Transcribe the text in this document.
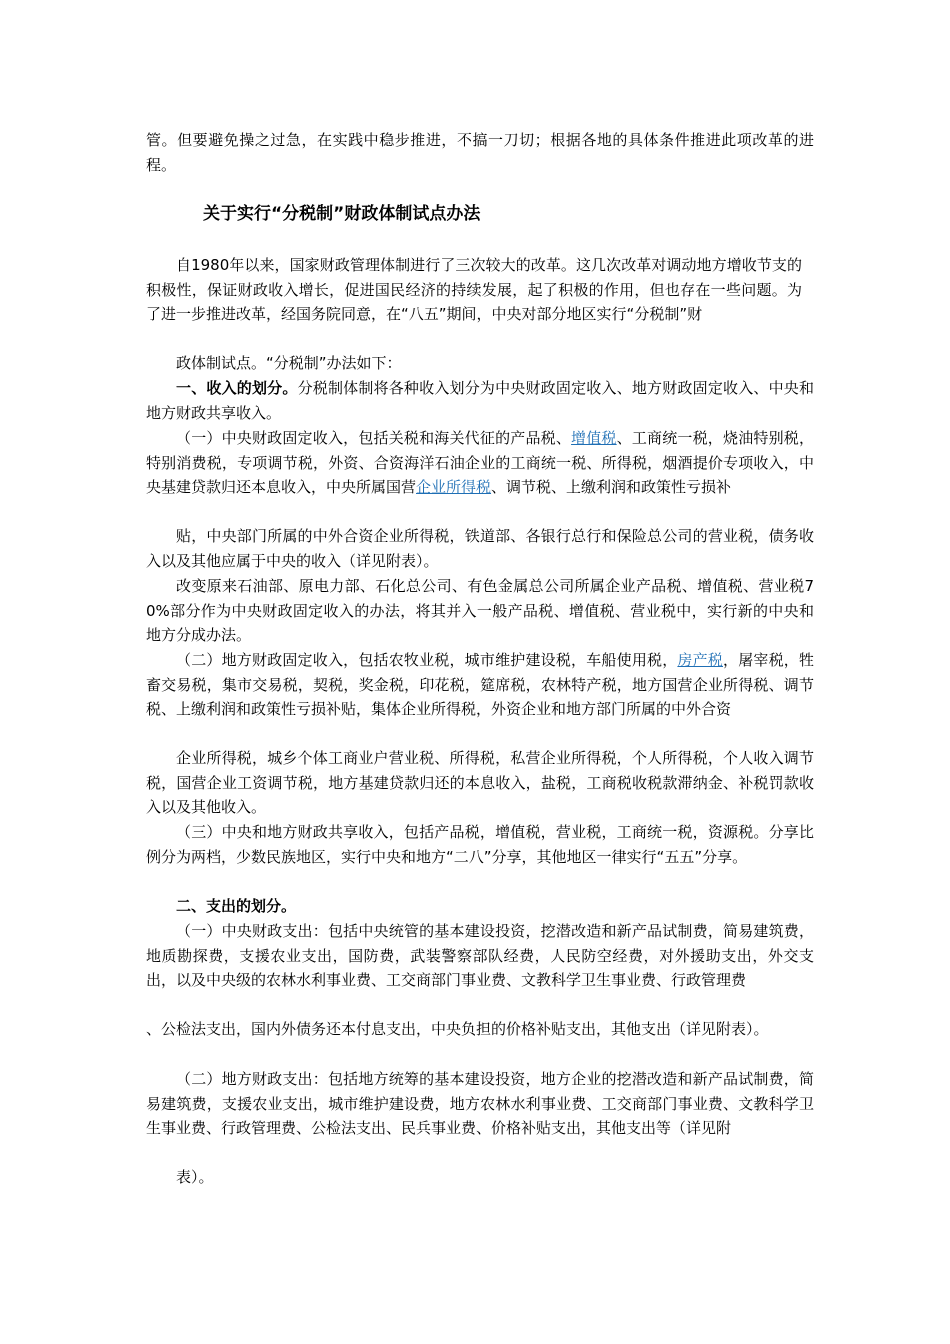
管。但要避免操之过急，在实践中稳步推进，不搞一刀切；根据各地的具体条件推进此项改革的进程。

关于实行“分税制”财政体制试点办法

自1980年以来，国家财政管理体制进行了三次较大的改革。这几次改革对调动地方增收节支的积极性，保证财政收入增长，促进国民经济的持续发展，起了积极的作用，但也存在一些问题。为了进一步推进改革，经国务院同意，在“八五”期间，中央对部分地区实行“分税制”财

政体制试点。“分税制”办法如下：

一、收入的划分。分税制体制将各种收入划分为中央财政固定收入、地方财政固定收入、中央和地方财政共享收入。

（一）中央财政固定收入，包括关税和海关代征的产品税、增值税、工商统一税，烧油特别税，特别消费税，专项调节税，外资、合资海洋石油企业的工商统一税、所得税，烟酒提价专项收入，中央基建贷款归还本息收入，中央所属国营企业所得税、调节税、上缴利润和政策性亏损补

贴，中央部门所属的中外合资企业所得税，铁道部、各银行总行和保险总公司的营业税，债务收入以及其他应属于中央的收入（详见附表）。

改变原来石油部、原电力部、石化总公司、有色金属总公司所属企业产品税、增值税、营业税70%部分作为中央财政固定收入的办法，将其并入一般产品税、增值税、营业税中，实行新的中央和地方分成办法。

（二）地方财政固定收入，包括农牧业税，城市维护建设税，车船使用税，房产税，屠宰税，牲畜交易税，集市交易税，契税，奖金税，印花税，筵席税，农林特产税，地方国营企业所得税、调节税、上缴利润和政策性亏损补贴，集体企业所得税，外资企业和地方部门所属的中外合资

企业所得税，城乡个体工商业户营业税、所得税，私营企业所得税，个人所得税，个人收入调节税，国营企业工资调节税，地方基建贷款归还的本息收入，盐税，工商税收税款滞纳金、补税罚款收入以及其他收入。

（三）中央和地方财政共享收入，包括产品税，增值税，营业税，工商统一税，资源税。分享比例分为两档，少数民族地区，实行中央和地方“二八”分享，其他地区一律实行“五五”分享。

二、支出的划分。

（一）中央财政支出：包括中央统管的基本建设投资，挖潜改造和新产品试制费，简易建筑费，地质勘探费，支援农业支出，国防费，武装警察部队经费，人民防空经费，对外援助支出，外交支出，以及中央级的农林水利事业费、工交商部门事业费、文教科学卫生事业费、行政管理费

、公检法支出，国内外债务还本付息支出，中央负担的价格补贴支出，其他支出（详见附表）。

（二）地方财政支出：包括地方统筹的基本建设投资，地方企业的挖潜改造和新产品试制费，简易建筑费，支援农业支出，城市维护建设费，地方农林水利事业费、工交商部门事业费、文教科学卫生事业费、行政管理费、公检法支出、民兵事业费、价格补贴支出，其他支出等（详见附

表）。
